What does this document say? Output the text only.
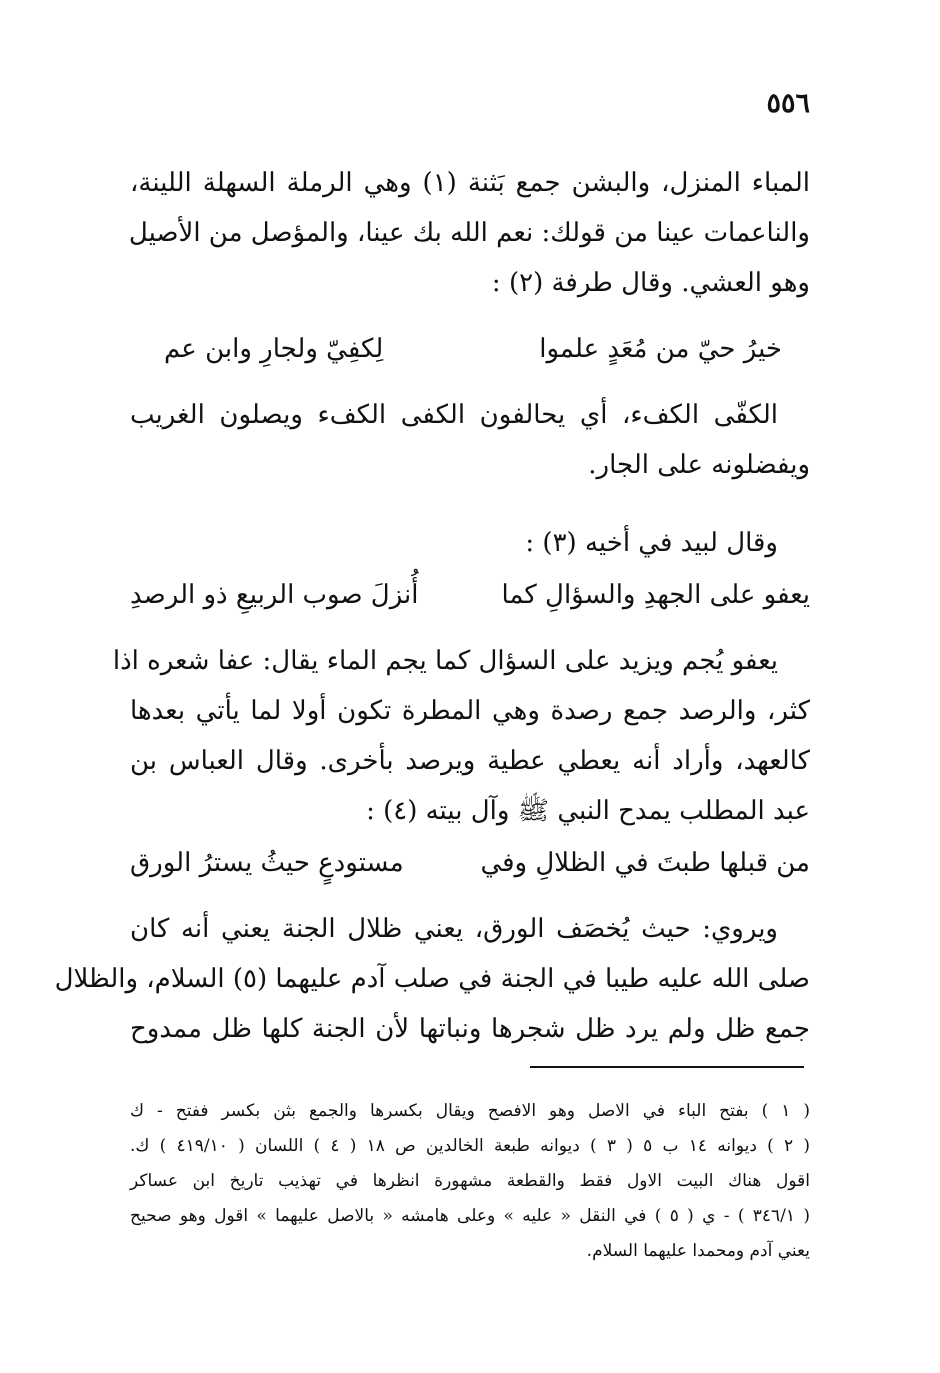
٥٥٦
المباء المنزل، والبشن جمع بَثنة (١) وهي الرملة السهلة اللينة،
والناعمات عينا من قولك: نعم الله بك عينا، والمؤصل من الأصيل
وهو العشي. وقال طرفة (٢) :
خيرُ حيّ من مُعَدٍ علموا
لِكفِيّ ولجارِ وابن عم
الكفّى الكفء، أي يحالفون الكفى الكفء ويصلون الغريب
ويفضلونه على الجار.
وقال لبيد في أخيه (٣) :
يعفو على الجهدِ والسؤالِ كما
أُنزلَ صوب الربيعِ ذو الرصدِ
يعفو يُجم ويزيد على السؤال كما يجم الماء يقال: عفا شعره اذا
كثر، والرصد جمع رصدة وهي المطرة تكون أولا لما يأتي بعدها
كالعهد، وأراد أنه يعطي عطية ويرصد بأخرى. وقال العباس بن
عبد المطلب يمدح النبي ﷺ وآل بيته (٤) :
من قبلها طبتَ في الظلالِ وفي
مستودعٍ حيثُ يسترُ الورق
ويروي: حيث يُخصَف الورق، يعني ظلال الجنة يعني أنه كان
صلى الله عليه طيبا في الجنة في صلب آدم عليهما (٥) السلام، والظلال
جمع ظل ولم يرد ظل شجرها ونباتها لأن الجنة كلها ظل ممدوح
( ١ ) بفتح الباء في الاصل وهو الافصح ويقال بكسرها والجمع بثن بكسر ففتح - ك
( ٢ ) ديوانه ١٤ ب ٥ ( ٣ ) ديوانه طبعة الخالدين ص ١٨ ( ٤ ) اللسان ( ٤١٩/١٠ ) ك.
اقول هناك البيت الاول فقط والقطعة مشهورة انظرها في تهذيب تاريخ ابن عساكر
( ٣٤٦/١ ) - ي ( ٥ ) في النقل « عليه » وعلى هامشه « بالاصل عليهما » اقول وهو صحيح
يعني آدم ومحمدا عليهما السلام.
